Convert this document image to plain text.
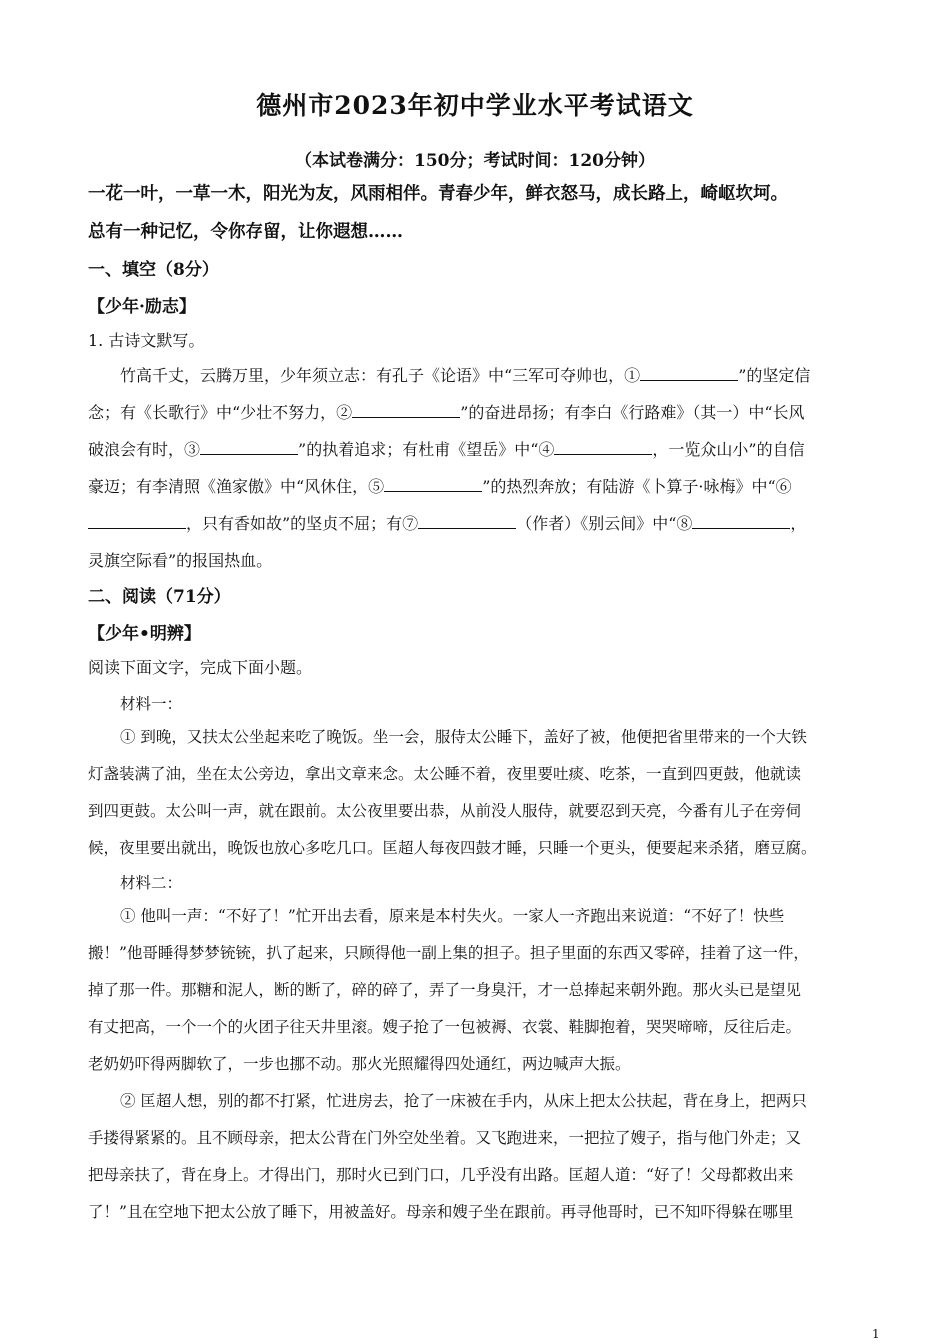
德州市2023年初中学业水平考试语文
（本试卷满分：150分；考试时间：120分钟）
一花一叶，一草一木，阳光为友，风雨相伴。青春少年，鲜衣怒马，成长路上，崎岖坎坷。
总有一种记忆，令你存留，让你遐想……
一、填空（8分）
【少年·励志】
1. 古诗文默写。
竹高千丈，云腾万里，少年须立志：有孔子《论语》中“三军可夺帅也，①	”的坚定信
念；有《长歌行》中“少壮不努力，②	”的奋进昂扬；有李白《行路难》（其一）中“长风
破浪会有时，③	”的执着追求；有杜甫《望岳》中“④	，一览众山小”的自信
豪迈；有李清照《渔家傲》中“风休住，⑤	”的热烈奔放；有陆游《卜算子·咏梅》中“⑥
，只有香如故”的坚贞不屈；有⑦	（作者）《别云间》中“⑧	，
灵旗空际看”的报国热血。
二、阅读（71分）
【少年•明辨】
阅读下面文字，完成下面小题。
材料一：
① 到晚，又扶太公坐起来吃了晚饭。坐一会，服侍太公睡下，盖好了被，他便把省里带来的一个大铁
灯盏装满了油，坐在太公旁边，拿出文章来念。太公睡不着，夜里要吐痰、吃茶，一直到四更鼓，他就读
到四更鼓。太公叫一声，就在跟前。太公夜里要出恭，从前没人服侍，就要忍到天亮，今番有儿子在旁伺
候，夜里要出就出，晚饭也放心多吃几口。匡超人每夜四鼓才睡，只睡一个更头，便要起来杀猪，磨豆腐。
材料二：
① 他叫一声：“不好了！”忙开出去看，原来是本村失火。一家人一齐跑出来说道：“不好了！快些
搬！”他哥睡得梦梦铳铳，扒了起来，只顾得他一副上集的担子。担子里面的东西又零碎，挂着了这一件，
掉了那一件。那糖和泥人，断的断了，碎的碎了，弄了一身臭汗，才一总捧起来朝外跑。那火头已是望见
有丈把高，一个一个的火团子往天井里滚。嫂子抢了一包被褥、衣裳、鞋脚抱着，哭哭啼啼，反往后走。
老奶奶吓得两脚软了，一步也挪不动。那火光照耀得四处通红，两边喊声大振。
② 匡超人想，别的都不打紧，忙进房去，抢了一床被在手内，从床上把太公扶起，背在身上，把两只
手搂得紧紧的。且不顾母亲，把太公背在门外空处坐着。又飞跑进来，一把拉了嫂子，指与他门外走；又
把母亲扶了，背在身上。才得出门，那时火已到门口，几乎没有出路。匡超人道：“好了！父母都救出来
了！”且在空地下把太公放了睡下，用被盖好。母亲和嫂子坐在跟前。再寻他哥时，已不知吓得躲在哪里
1
